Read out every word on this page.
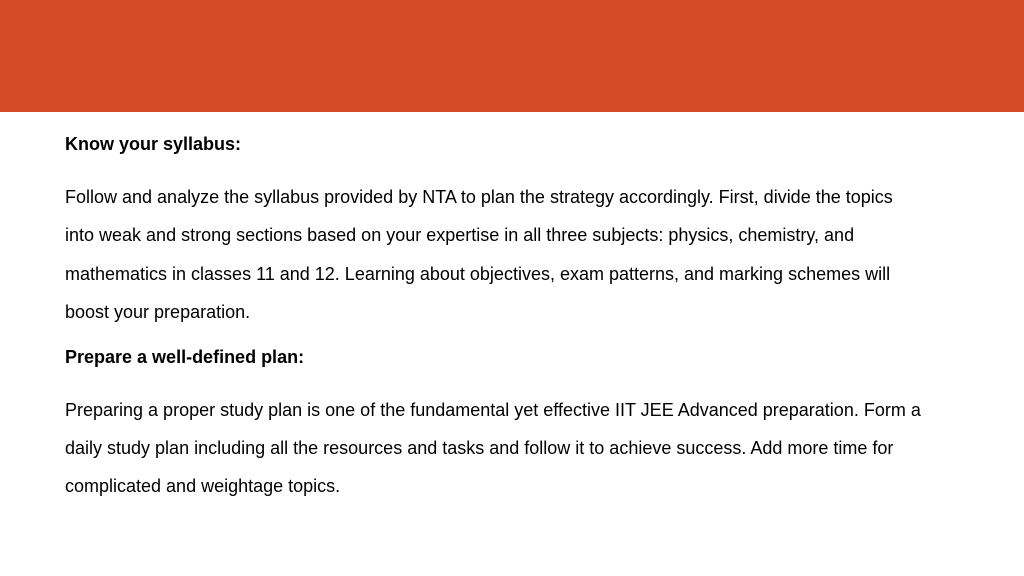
Know your syllabus:
Follow and analyze the syllabus provided by NTA to plan the strategy accordingly. First, divide the topics into weak and strong sections based on your expertise in all three subjects: physics, chemistry, and mathematics in classes 11 and 12. Learning about objectives, exam patterns, and marking schemes will boost your preparation.
Prepare a well-defined plan:
Preparing a proper study plan is one of the fundamental yet effective IIT JEE Advanced preparation. Form a daily study plan including all the resources and tasks and follow it to achieve success. Add more time for complicated and weightage topics.
